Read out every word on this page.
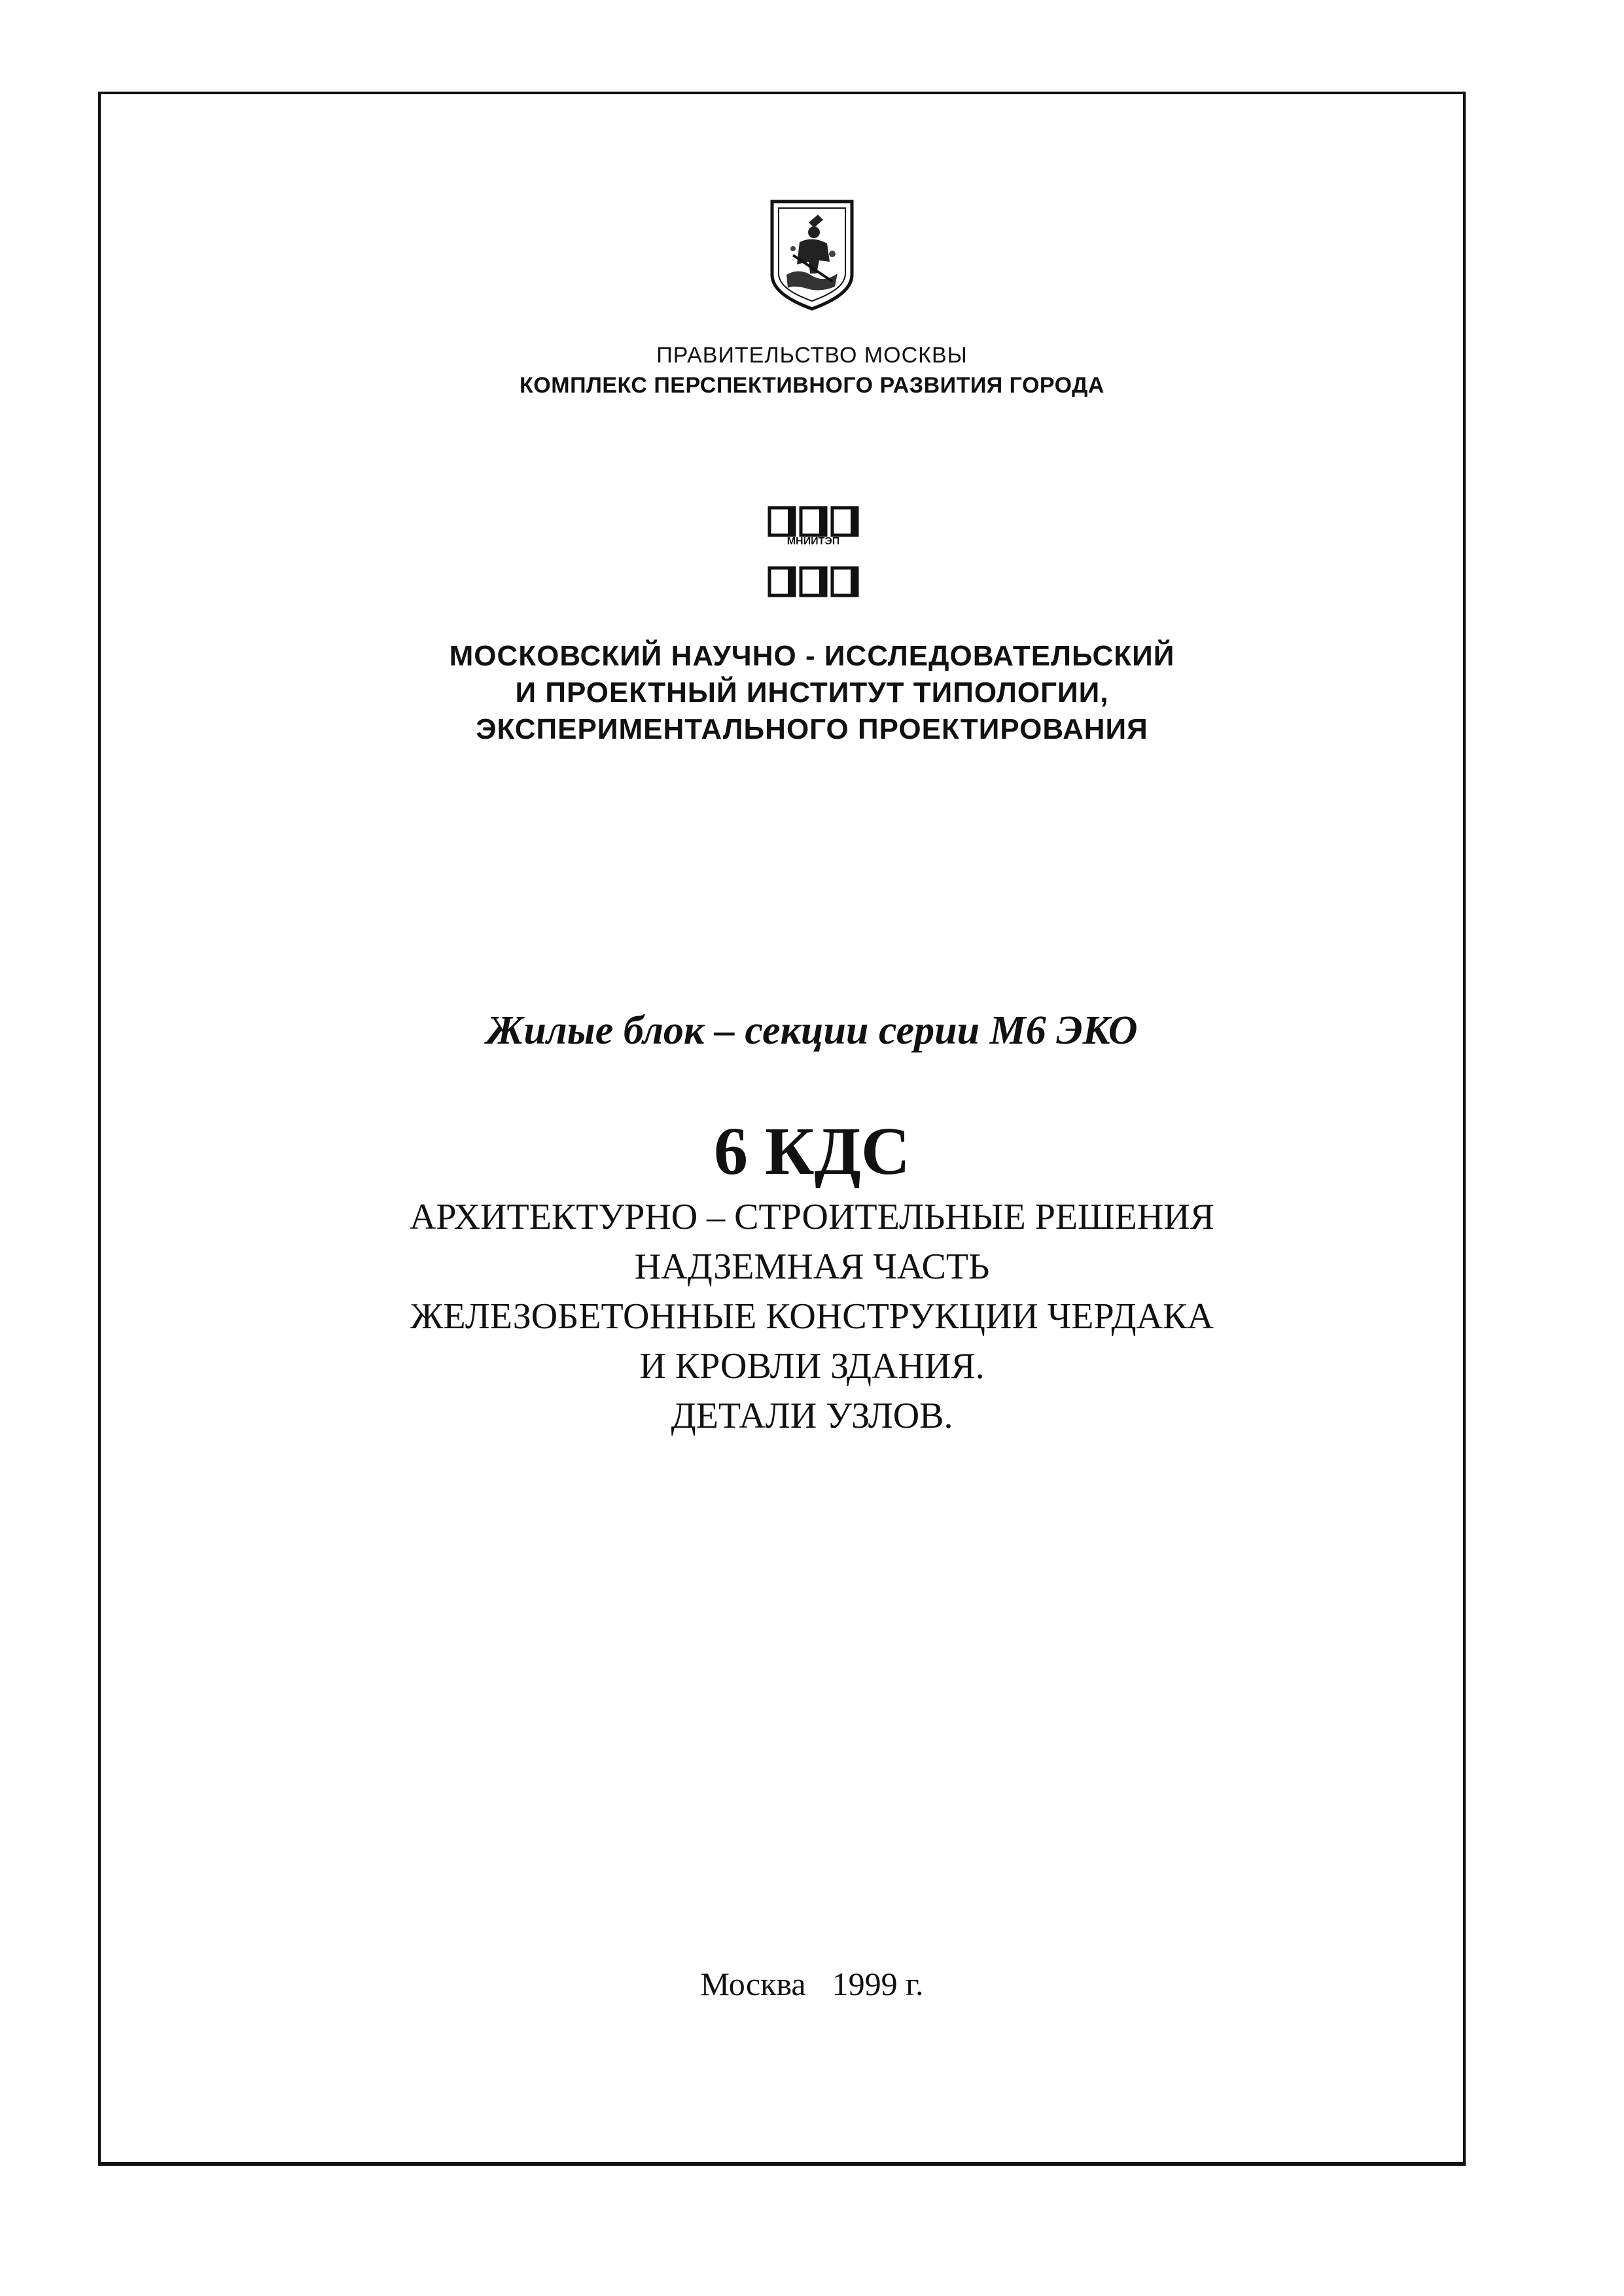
ПРАВИТЕЛЬСТВО МОСКВЫ
КОМПЛЕКС ПЕРСПЕКТИВНОГО РАЗВИТИЯ ГОРОДА
МНИИТЭП
МОСКОВСКИЙ НАУЧНО - ИССЛЕДОВАТЕЛЬСКИЙ
И ПРОЕКТНЫЙ ИНСТИТУТ ТИПОЛОГИИ,
ЭКСПЕРИМЕНТАЛЬНОГО ПРОЕКТИРОВАНИЯ
Жилые блок – секции серии М6 ЭКО
6 КДС
АРХИТЕКТУРНО – СТРОИТЕЛЬНЫЕ РЕШЕНИЯ
НАДЗЕМНАЯ ЧАСТЬ
ЖЕЛЕЗОБЕТОННЫЕ КОНСТРУКЦИИ ЧЕРДАКА
И КРОВЛИ ЗДАНИЯ.
ДЕТАЛИ УЗЛОВ.
Москва 1999 г.
